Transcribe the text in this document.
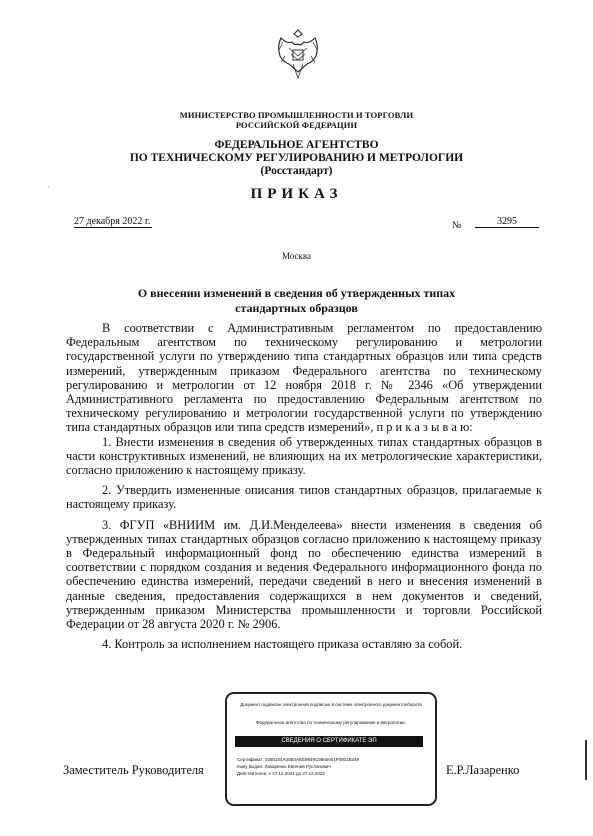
МИНИСТЕРСТВО ПРОМЫШЛЕННОСТИ И ТОРГОВЛИ
РОССИЙСКОЙ ФЕДЕРАЦИИ
ФЕДЕРАЛЬНОЕ АГЕНТСТВО
ПО ТЕХНИЧЕСКОМУ РЕГУЛИРОВАНИЮ И МЕТРОЛОГИИ
(Росстандарт)
ПРИКАЗ
27 декабря 2022 г.	№	3295
Москва
О внесении изменений в сведения об утвержденных типах
стандартных образцов

В соответствии с Административным регламентом по предоставлению Федеральным агентством по техническому регулированию и метрологии государственной услуги по утверждению типа стандартных образцов или типа средств измерений, утвержденным приказом Федерального агентства по техническому регулированию и метрологии от 12 ноября 2018 г. № 2346 «Об утверждении Административного регламента по предоставлению Федеральным агентством по техническому регулированию и метрологии государственной услуги по утверждению типа стандартных образцов или типа средств измерений», п р и к а з ы в а ю:

1. Внести изменения в сведения об утвержденных типах стандартных образцов в части конструктивных изменений, не влияющих на их метрологические характеристики, согласно приложению к настоящему приказу.

2. Утвердить измененные описания типов стандартных образцов, прилагаемые к настоящему приказу.

3. ФГУП «ВНИИМ им. Д.И.Менделеева» внести изменения в сведения об утвержденных типах стандартных образцов согласно приложению к настоящему приказу в Федеральный информационный фонд по обеспечению единства измерений в соответствии с порядком создания и ведения Федерального информационного фонда по обеспечению единства измерений, передачи сведений в него и внесения изменений в данные сведения, предоставления содержащихся в нем документов и сведений, утвержденным приказом Министерства промышленности и торговли Российской Федерации от 28 августа 2020 г. № 2906.

4. Контроль за исполнением настоящего приказа оставляю за собой.

Заместитель Руководителя	Е.Р.Лазаренко
Документ подписан электронной подписью в системе электронного документооборота
Федеральное агентство по техническому регулированию и метрологии.
СВЕДЕНИЯ О СЕРТИФИКАТЕ ЭП
Сертификат: 0280104A00B4AEE9849C9865001F0001B349
Кому выдан: Лазаренко Евгений Русланович
Действителен: с 27.12.2021 до 27.12.2022
·
